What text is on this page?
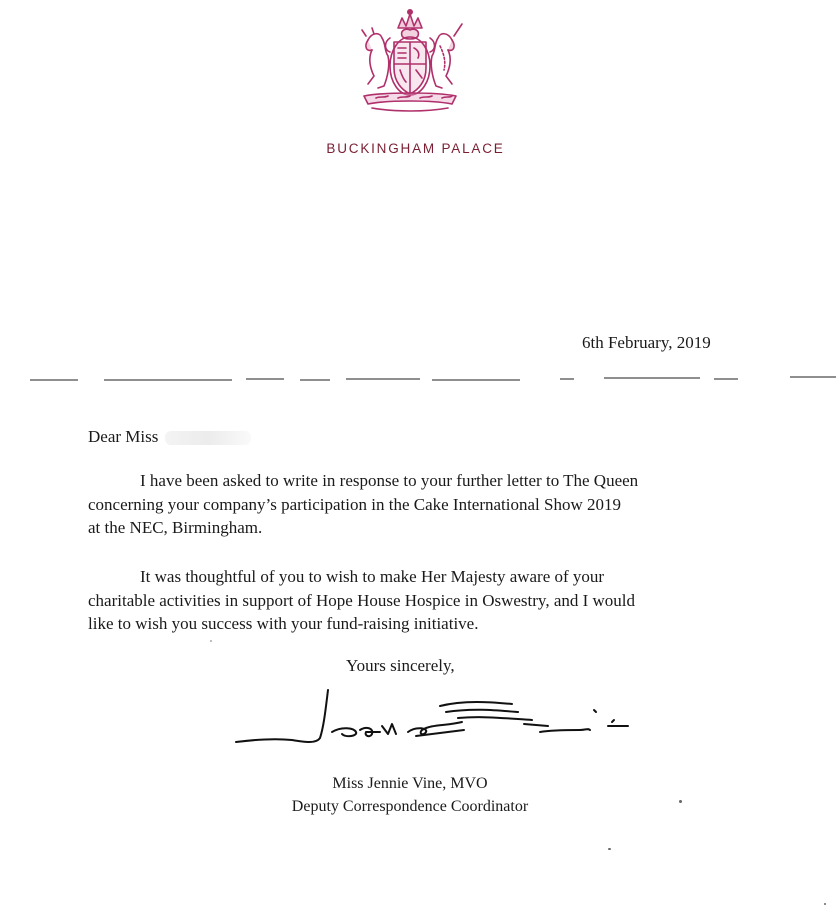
BUCKINGHAM PALACE
6th February, 2019
Dear Miss
I have been asked to write in response to your further letter to The Queen
concerning your company’s participation in the Cake International Show 2019
at the NEC, Birmingham.
It was thoughtful of you to wish to make Her Majesty aware of your
charitable activities in support of Hope House Hospice in Oswestry, and I would
like to wish you success with your fund-raising initiative.
Yours sincerely,
Miss Jennie Vine, MVO
Deputy Correspondence Coordinator
